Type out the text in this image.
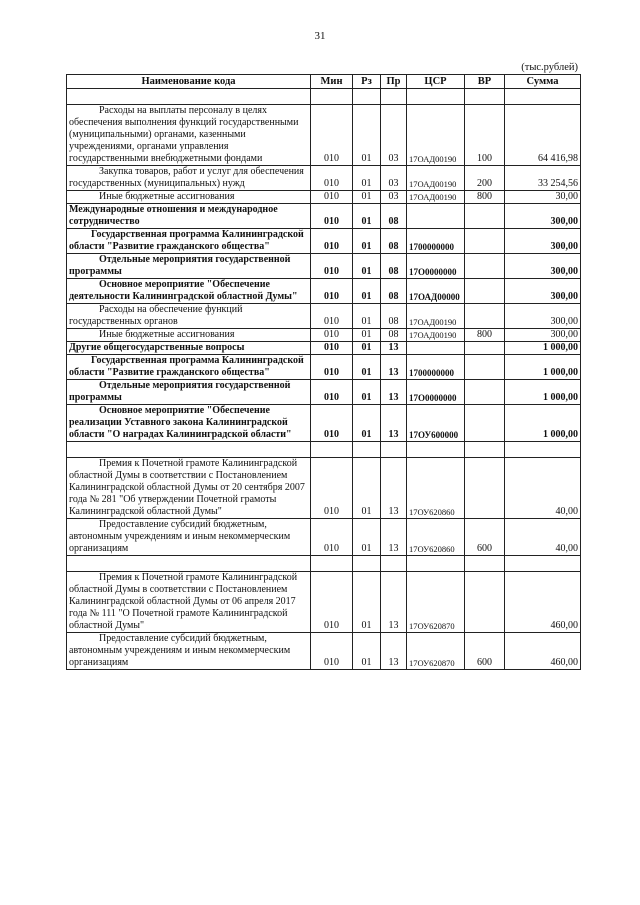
31
(тыс.рублей)
Наименование кода	Мин	Рз	Пр	ЦСР	ВР	Сумма

Расходы на выплаты персоналу в целях обеспечения выполнения функций государственными (муниципальными) органами, казенными учреждениями, органами управления государственными внебюджетными фондами	010	01	03	17ОАД00190	100	64 416,98
Закупка товаров, работ и услуг для обеспечения государственных (муниципальных) нужд	010	01	03	17ОАД00190	200	33 254,56
Иные бюджетные ассигнования	010	01	03	17ОАД00190	800	30,00
Международные отношения и международное сотрудничество	010	01	08			300,00
Государственная программа Калининградской области "Развитие гражданского общества"	010	01	08	1700000000		300,00
Отдельные мероприятия государственной программы	010	01	08	17О0000000		300,00
Основное мероприятие "Обеспечение деятельности Калининградской областной Думы"	010	01	08	17ОАД00000		300,00
Расходы на обеспечение функций государственных органов	010	01	08	17ОАД00190		300,00
Иные бюджетные ассигнования	010	01	08	17ОАД00190	800	300,00
Другие общегосударственные вопросы	010	01	13			1 000,00
Государственная программа Калининградской области "Развитие гражданского общества"	010	01	13	1700000000		1 000,00
Отдельные мероприятия государственной программы	010	01	13	17О0000000		1 000,00
Основное мероприятие "Обеспечение реализации Уставного закона Калининградской области "О наградах Калининградской области"	010	01	13	17ОУ600000		1 000,00

Премия к Почетной грамоте Калининградской областной Думы в соответствии с Постановлением Калининградской областной Думы от 20 сентября 2007 года № 281 "Об утверждении Почетной грамоты Калининградской областной Думы"	010	01	13	17ОУ620860		40,00
Предоставление субсидий бюджетным, автономным учреждениям и иным некоммерческим организациям	010	01	13	17ОУ620860	600	40,00

Премия к Почетной грамоте Калининградской областной Думы в соответствии с Постановлением Калининградской областной Думы от 06 апреля 2017 года № 111 "О Почетной грамоте Калининградской областной Думы"	010	01	13	17ОУ620870		460,00
Предоставление субсидий бюджетным, автономным учреждениям и иным некоммерческим организациям	010	01	13	17ОУ620870	600	460,00
